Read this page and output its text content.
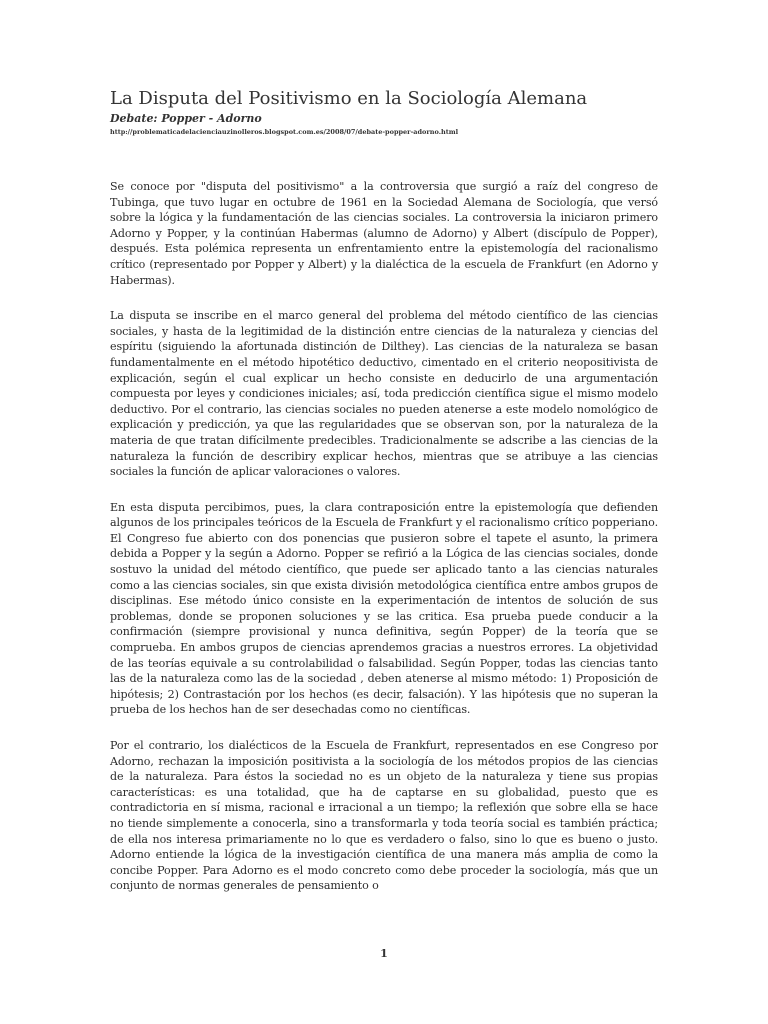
La Disputa del Positivismo en la Sociología Alemana

Debate: Popper - Adorno

http://problematicadelacienciauzinolleros.blogspot.com.es/2008/07/debate-popper-adorno.html

Se conoce por "disputa del positivismo" a la controversia que surgió a raíz del congreso de Tubinga, que tuvo lugar en octubre de 1961 en la Sociedad Alemana de Sociología, que versó sobre la lógica y la fundamentación de las ciencias sociales. La controversia la iniciaron primero Adorno y Popper, y la continúan Habermas (alumno de Adorno) y Albert (discípulo de Popper), después. Esta polémica representa un enfrentamiento entre la epistemología del racionalismo crítico (representado por Popper y Albert) y la dialéctica de la escuela de Frankfurt (en Adorno y Habermas).

La disputa se inscribe en el marco general del problema del método científico de las ciencias sociales, y hasta de la legitimidad de la distinción entre ciencias de la naturaleza y ciencias del espíritu (siguiendo la afortunada distinción de Dilthey). Las ciencias de la naturaleza se basan fundamentalmente en el método hipotético deductivo, cimentado en el criterio neopositivista de explicación, según el cual explicar un hecho consiste en deducirlo de una argumentación compuesta por leyes y condiciones iniciales; así, toda predicción científica sigue el mismo modelo deductivo. Por el contrario, las ciencias sociales no pueden atenerse a este modelo nomológico de explicación y predicción, ya que las regularidades que se observan son, por la naturaleza de la materia de que tratan difícilmente predecibles. Tradicionalmente se adscribe a las ciencias de la naturaleza la función de describiry explicar hechos, mientras que se atribuye a las ciencias sociales la función de aplicar valoraciones o valores.

En esta disputa percibimos, pues, la clara contraposición entre la epistemología que defienden algunos de los principales teóricos de la Escuela de Frankfurt y el racionalismo crítico popperiano. El Congreso fue abierto con dos ponencias que pusieron sobre el tapete el asunto, la primera debida a Popper y la según a Adorno. Popper se refirió a la Lógica de las ciencias sociales, donde sostuvo la unidad del método científico, que puede ser aplicado tanto a las ciencias naturales como a las ciencias sociales, sin que exista división metodológica científica entre ambos grupos de disciplinas. Ese método único consiste en la experimentación de intentos de solución de sus problemas, donde se proponen soluciones y se las critica. Esa prueba puede conducir a la confirmación (siempre provisional y nunca definitiva, según Popper) de la teoría que se comprueba. En ambos grupos de ciencias aprendemos gracias a nuestros errores. La objetividad de las teorías equivale a su controlabilidad o falsabilidad. Según Popper, todas las ciencias tanto las de la naturaleza como las de la sociedad , deben atenerse al mismo método: 1) Proposición de hipótesis; 2) Contrastación por los hechos (es decir, falsación). Y las hipótesis que no superan la prueba de los hechos han de ser desechadas como no científicas.

Por el contrario, los dialécticos de la Escuela de Frankfurt, representados en ese Congreso por Adorno, rechazan la imposición positivista a la sociología de los métodos propios de las ciencias de la naturaleza. Para éstos la sociedad no es un objeto de la naturaleza y tiene sus propias características: es una totalidad, que ha de captarse en su globalidad, puesto que es contradictoria en sí misma, racional e irracional a un tiempo; la reflexión que sobre ella se hace no tiende simplemente a conocerla, sino a transformarla y toda teoría social es también práctica; de ella nos interesa primariamente no lo que es verdadero o falso, sino lo que es bueno o justo. Adorno entiende la lógica de la investigación científica de una manera más amplia de como la concibe Popper. Para Adorno es el modo concreto como debe proceder la sociología, más que un conjunto de normas generales de pensamiento o

1
